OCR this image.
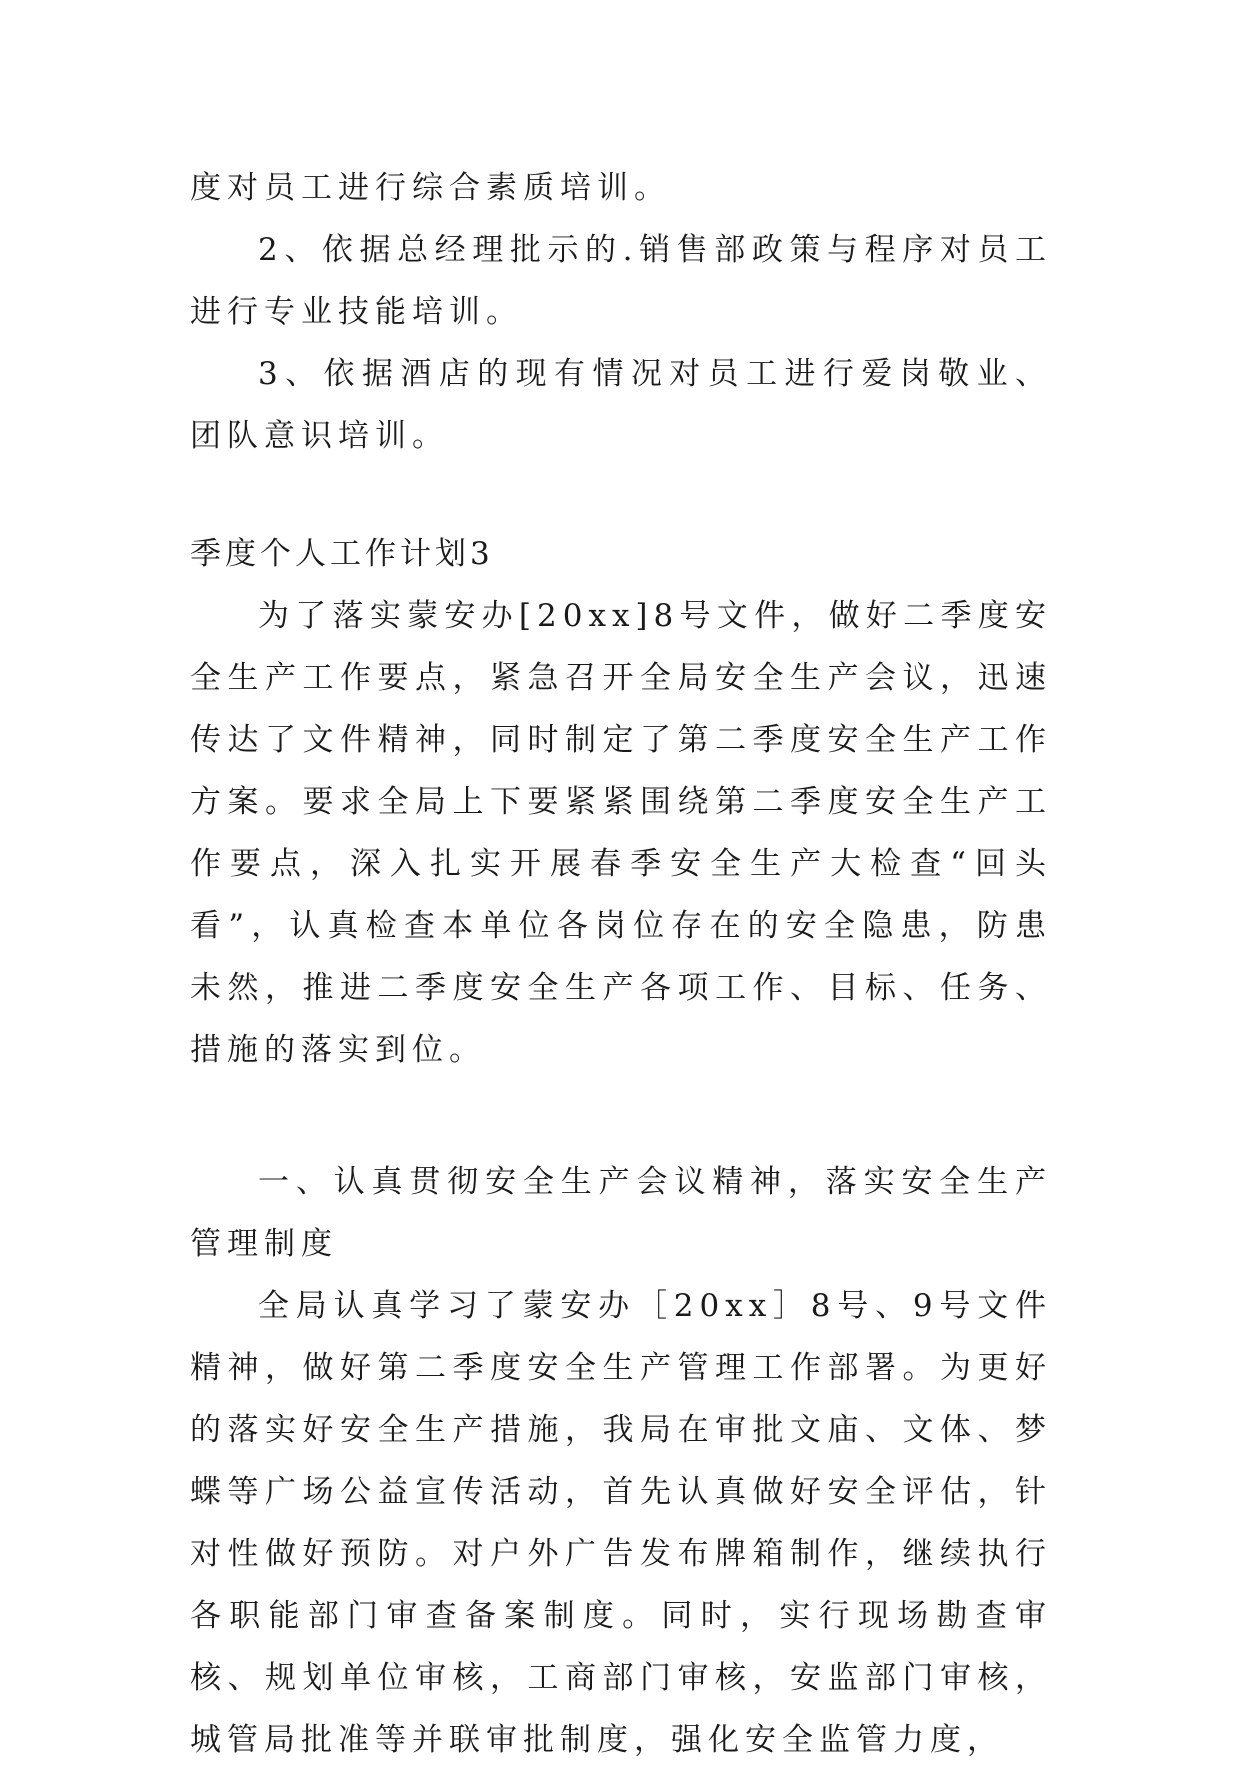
度对员工进行综合素质培训。

2、依据总经理批示的.销售部政策与程序对员工进行专业技能培训。

3、依据酒店的现有情况对员工进行爱岗敬业、团队意识培训。

季度个人工作计划3

为了落实蒙安办[20xx]8号文件，做好二季度安全生产工作要点，紧急召开全局安全生产会议，迅速传达了文件精神，同时制定了第二季度安全生产工作方案。要求全局上下要紧紧围绕第二季度安全生产工作要点，深入扎实开展春季安全生产大检查“回头看”，认真检查本单位各岗位存在的安全隐患，防患未然，推进二季度安全生产各项工作、目标、任务、措施的落实到位。

一、认真贯彻安全生产会议精神，落实安全生产管理制度

全局认真学习了蒙安办［20xx］8号、9号文件精神，做好第二季度安全生产管理工作部署。为更好的落实好安全生产措施，我局在审批文庙、文体、梦蝶等广场公益宣传活动，首先认真做好安全评估，针对性做好预防。对户外广告发布牌箱制作，继续执行各职能部门审查备案制度。同时，实行现场勘查审核、规划单位审核，工商部门审核，安监部门审核，城管局批准等并联审批制度，强化安全监管力度，
